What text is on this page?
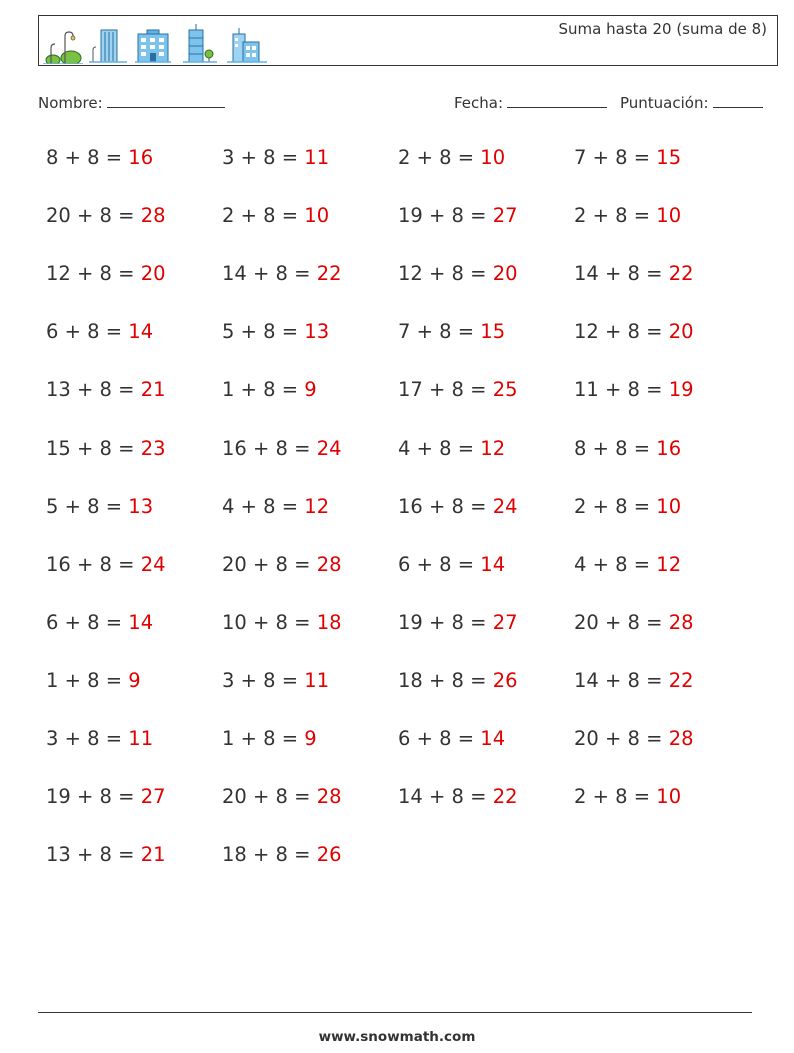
Suma hasta 20 (suma de 8)
Nombre:	Fecha:	Puntuación:
8 + 8 = 16	3 + 8 = 11	2 + 8 = 10	7 + 8 = 15
20 + 8 = 28	2 + 8 = 10	19 + 8 = 27	2 + 8 = 10
12 + 8 = 20	14 + 8 = 22	12 + 8 = 20	14 + 8 = 22
6 + 8 = 14	5 + 8 = 13	7 + 8 = 15	12 + 8 = 20
13 + 8 = 21	1 + 8 = 9	17 + 8 = 25	11 + 8 = 19
15 + 8 = 23	16 + 8 = 24	4 + 8 = 12	8 + 8 = 16
5 + 8 = 13	4 + 8 = 12	16 + 8 = 24	2 + 8 = 10
16 + 8 = 24	20 + 8 = 28	6 + 8 = 14	4 + 8 = 12
6 + 8 = 14	10 + 8 = 18	19 + 8 = 27	20 + 8 = 28
1 + 8 = 9	3 + 8 = 11	18 + 8 = 26	14 + 8 = 22
3 + 8 = 11	1 + 8 = 9	6 + 8 = 14	20 + 8 = 28
19 + 8 = 27	20 + 8 = 28	14 + 8 = 22	2 + 8 = 10
13 + 8 = 21	18 + 8 = 26
www.snowmath.com
